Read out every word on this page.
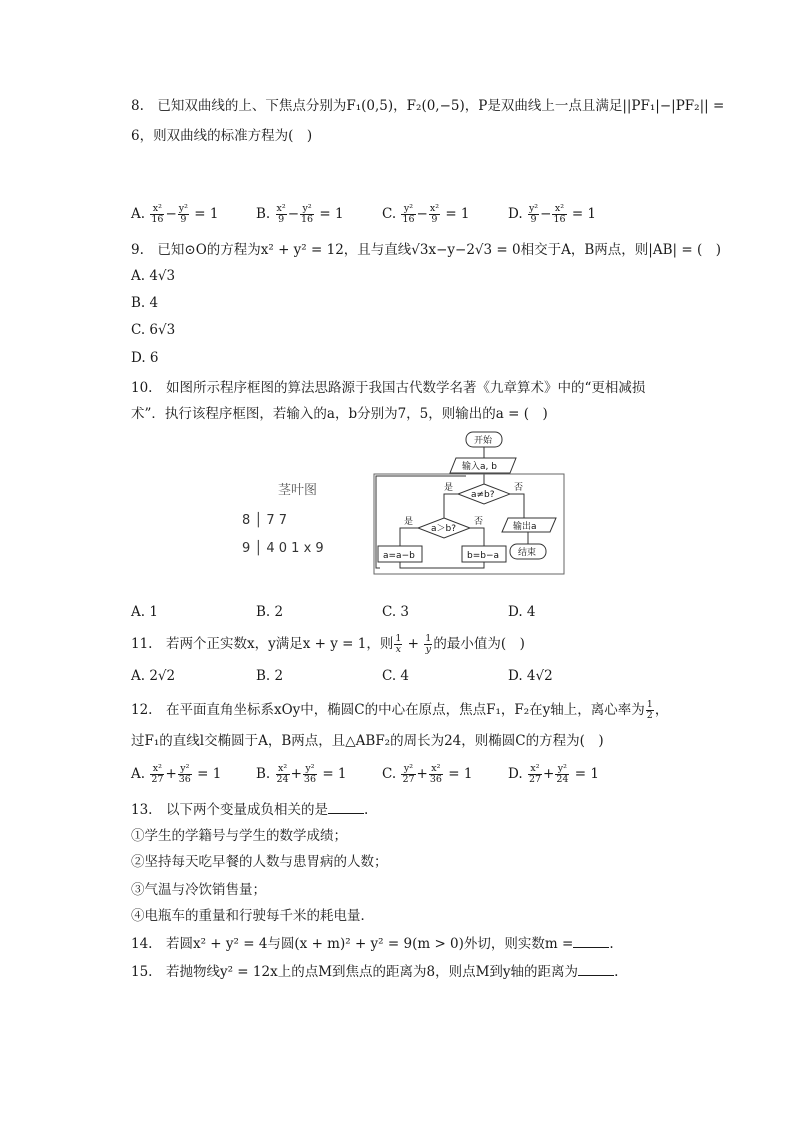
8.　已知双曲线的上、下焦点分别为F₁(0,5)，F₂(0,−5)，P是双曲线上一点且满足||PF₁|−|PF₂|| =
6，则双曲线的标准方程为(　)
A. $\frac{\text{x²}}{16} - \frac{\text{y²}}{9} = 1$	B. $\frac{\text{x²}}{9} - \frac{\text{y²}}{16} = 1$	C. $\frac{\text{y²}}{16} - \frac{\text{x²}}{9} = 1$	D. $\frac{\text{y²}}{9} - \frac{\text{x²}}{16} = 1$
9.　已知⊙O的方程为x² + y² = 12，且与直线√3x−y−2√3 = 0相交于A，B两点，则|AB| = (　)
A. 4√3
B. 4
C. 6√3
D. 6
10.　如图所示程序框图的算法思路源于我国古代数学名著《九章算术》中的“更相减损
术”．执行该程序框图，若输入的a，b分别为7，5，则输出的a = (　)
茎叶图
8 │ 7 7
9 │ 4 0 1 x 9
开始
输入a, b
a≠b?
是	否
输出a
结束
a＞b?
是	否
a=a−b	b=b−a
A. 1	B. 2	C. 3	D. 4
11.　若两个正实数x，y满足x + y = 1，则 $\frac{1}{x} + \frac{1}{y}$ 的最小值为(　)
A. 2√2	B. 2	C. 4	D. 4√2
12.　在平面直角坐标系xOy中，椭圆C的中心在原点，焦点F₁，F₂在y轴上，离心率为 $\frac{1}{2}$ ，
过F₁的直线l交椭圆于A，B两点，且△ABF₂的周长为24，则椭圆C的方程为(　)
A. $\frac{\text{x²}}{27} + \frac{\text{y²}}{36} = 1$	B. $\frac{\text{x²}}{24} + \frac{\text{y²}}{36} = 1$	C. $\frac{\text{y²}}{27} + \frac{\text{x²}}{36} = 1$	D. $\frac{\text{x²}}{27} + \frac{\text{y²}}{24} = 1$
13.　以下两个变量成负相关的是	.
①学生的学籍号与学生的数学成绩；
②坚持每天吃早餐的人数与患胃病的人数；
③气温与冷饮销售量；
④电瓶车的重量和行驶每千米的耗电量．
14.　若圆x² + y² = 4与圆(x + m)² + y² = 9(m > 0)外切，则实数m =	.
15.　若抛物线y² = 12x上的点M到焦点的距离为8，则点M到y轴的距离为	.
